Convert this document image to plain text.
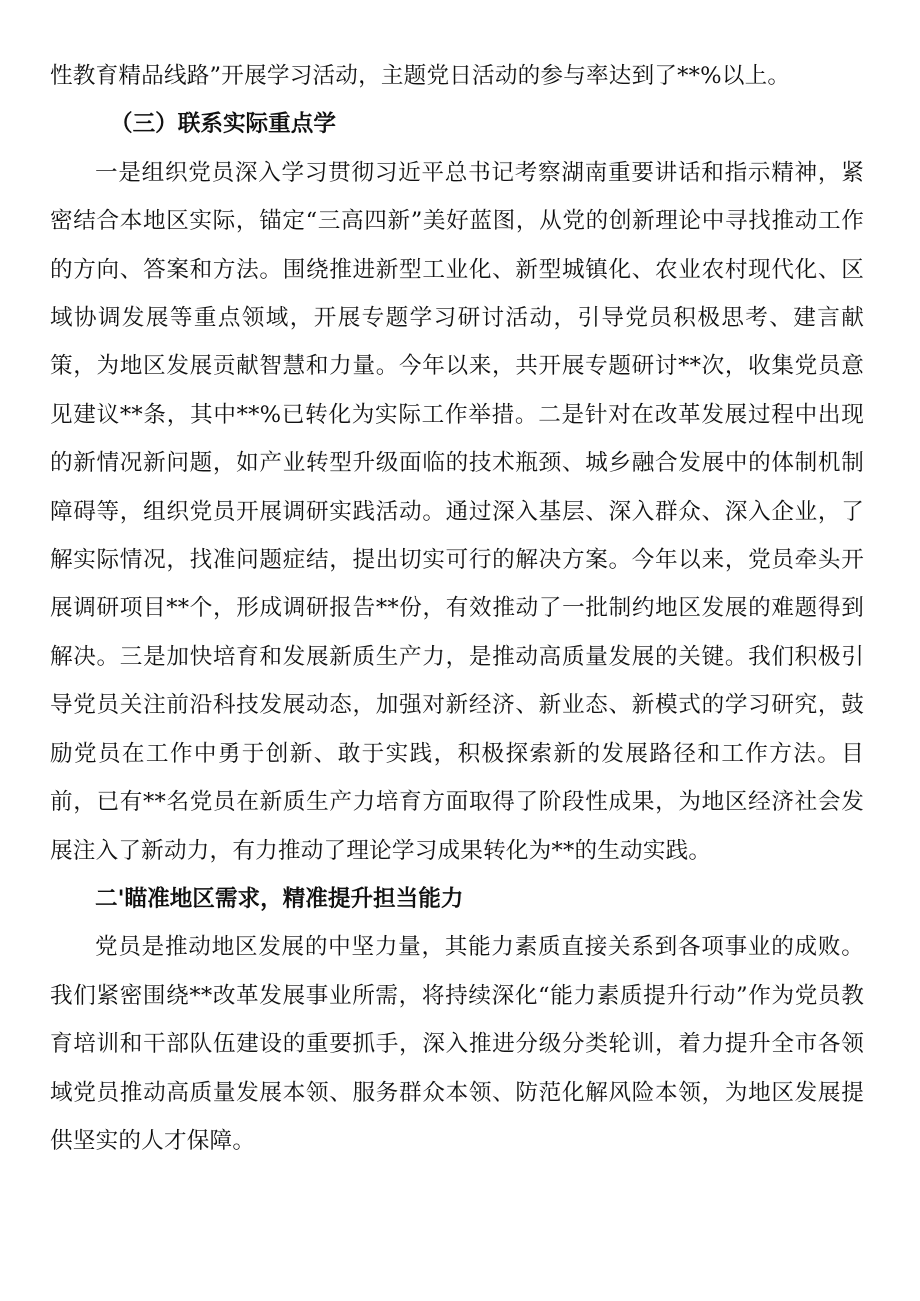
性教育精品线路”开展学习活动，主题党日活动的参与率达到了**%以上。

（三）联系实际重点学

一是组织党员深入学习贯彻习近平总书记考察湖南重要讲话和指示精神，紧密结合本地区实际，锚定“三高四新”美好蓝图，从党的创新理论中寻找推动工作的方向、答案和方法。围绕推进新型工业化、新型城镇化、农业农村现代化、区域协调发展等重点领域，开展专题学习研讨活动，引导党员积极思考、建言献策，为地区发展贡献智慧和力量。今年以来，共开展专题研讨**次，收集党员意见建议**条，其中**%已转化为实际工作举措。二是针对在改革发展过程中出现的新情况新问题，如产业转型升级面临的技术瓶颈、城乡融合发展中的体制机制障碍等，组织党员开展调研实践活动。通过深入基层、深入群众、深入企业，了解实际情况，找准问题症结，提出切实可行的解决方案。今年以来，党员牵头开展调研项目**个，形成调研报告**份，有效推动了一批制约地区发展的难题得到解决。三是加快培育和发展新质生产力，是推动高质量发展的关键。我们积极引导党员关注前沿科技发展动态，加强对新经济、新业态、新模式的学习研究，鼓励党员在工作中勇于创新、敢于实践，积极探索新的发展路径和工作方法。目前，已有**名党员在新质生产力培育方面取得了阶段性成果，为地区经济社会发展注入了新动力，有力推动了理论学习成果转化为**的生动实践。

二'瞄准地区需求，精准提升担当能力

党员是推动地区发展的中坚力量，其能力素质直接关系到各项事业的成败。我们紧密围绕**改革发展事业所需，将持续深化“能力素质提升行动”作为党员教育培训和干部队伍建设的重要抓手，深入推进分级分类轮训，着力提升全市各领域党员推动高质量发展本领、服务群众本领、防范化解风险本领，为地区发展提供坚实的人才保障。
